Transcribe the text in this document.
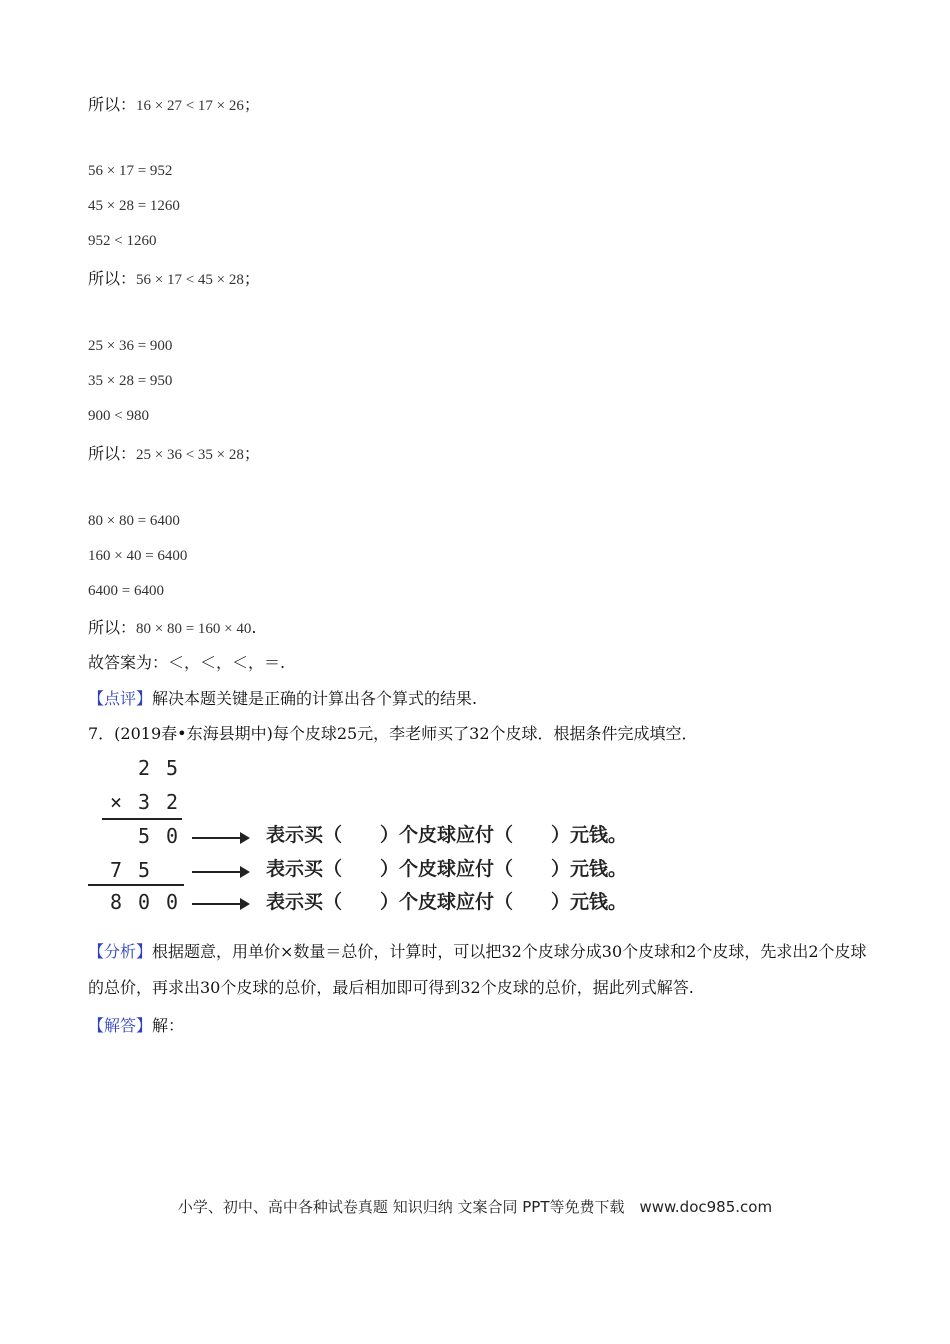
所以：16 × 27 < 17 × 26；
56 × 17 = 952
45 × 28 = 1260
952 < 1260
所以：56 × 17 < 45 × 28；
25 × 36 = 900
35 × 28 = 950
900 < 980
所以：25 × 36 < 35 × 28；
80 × 80 = 6400
160 × 40 = 6400
6400 = 6400
所以：80 × 80 = 160 × 40.
故答案为：＜，＜，＜，＝.
【点评】解决本题关键是正确的计算出各个算式的结果.
7．(2019春•东海县期中)每个皮球25元，李老师买了32个皮球．根据条件完成填空．
2 5
× 3 2
5 0
7 5
8 0 0
表示买（　　）个皮球应付（　　）元钱。
表示买（　　）个皮球应付（　　）元钱。
表示买（　　）个皮球应付（　　）元钱。
【分析】根据题意，用单价×数量＝总价，计算时，可以把32个皮球分成30个皮球和2个皮球，先求出2个皮球的总价，再求出30个皮球的总价，最后相加即可得到32个皮球的总价，据此列式解答.
【解答】解：
小学、初中、高中各种试卷真题 知识归纳 文案合同 PPT等免费下载　www.doc985.com
